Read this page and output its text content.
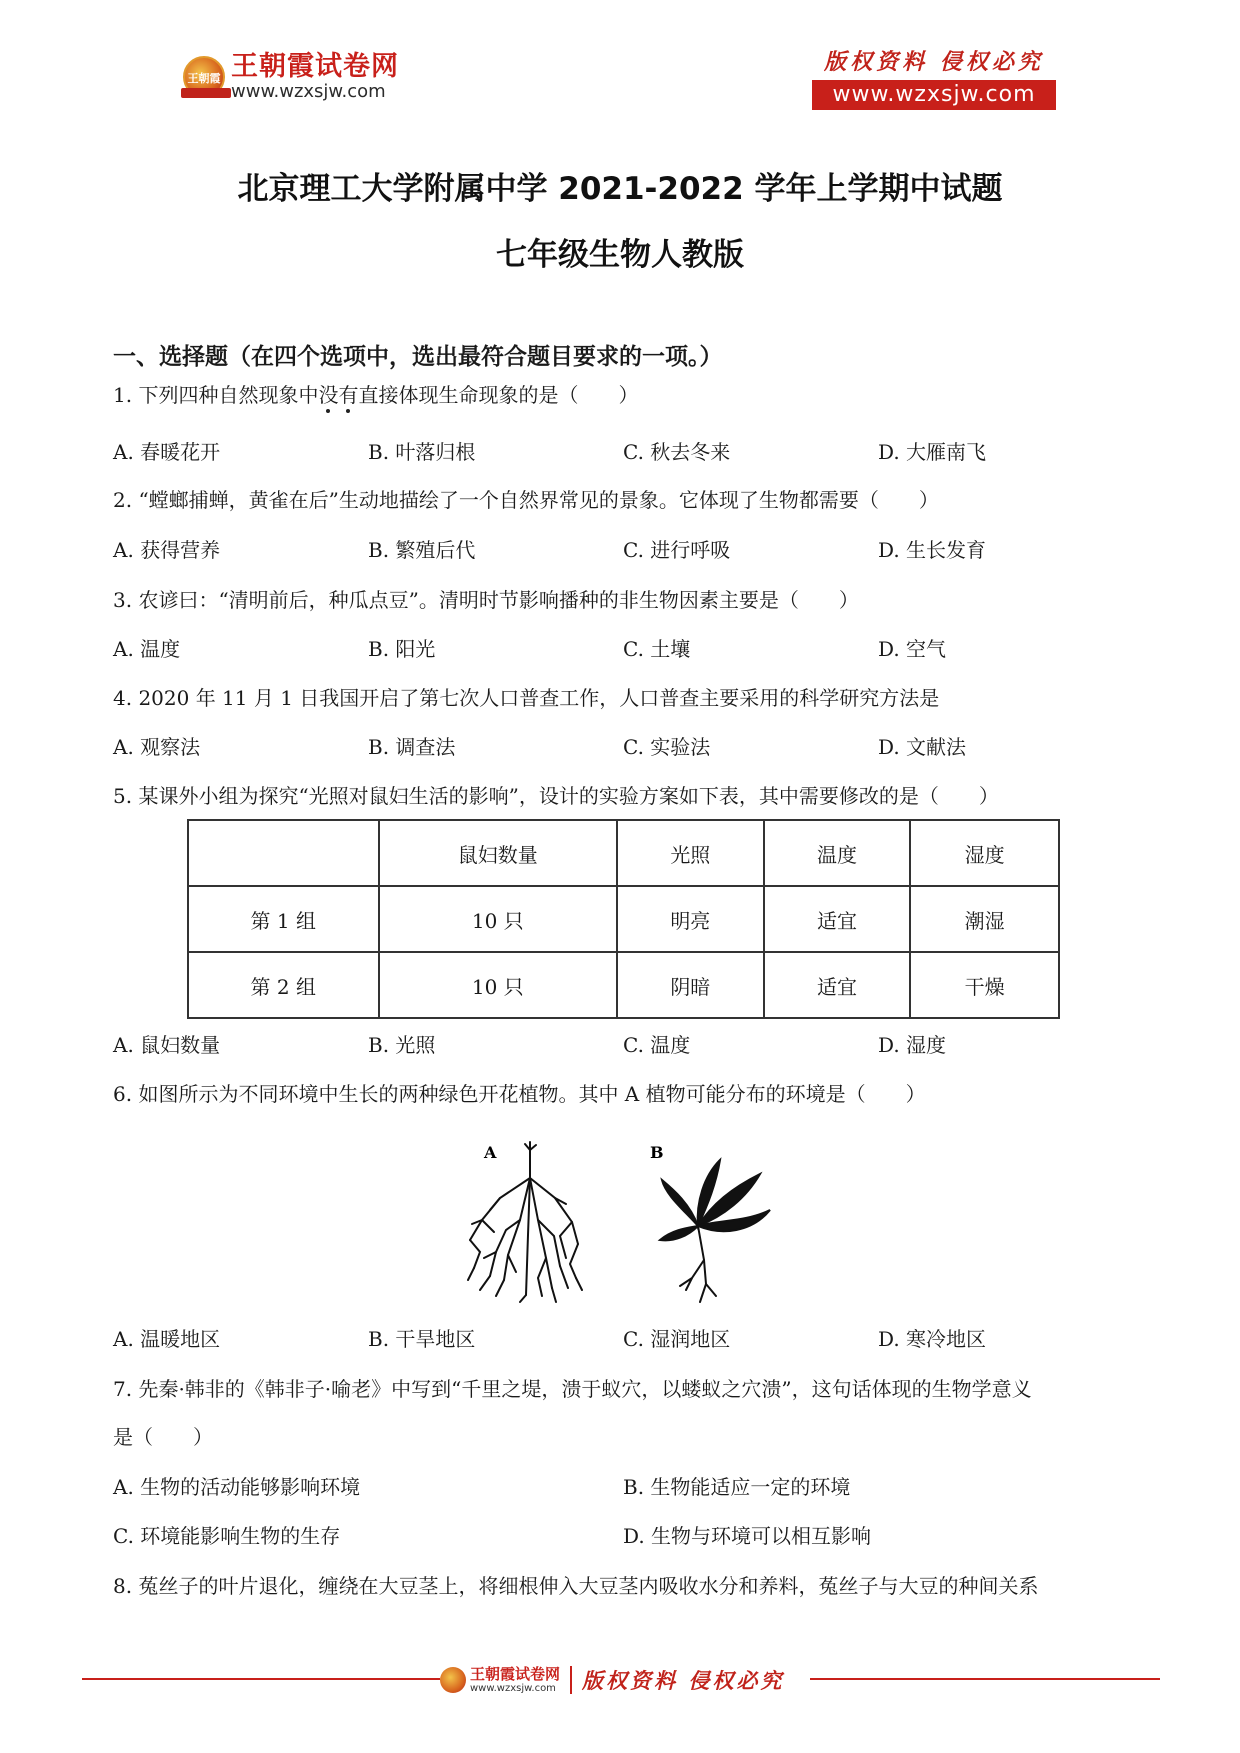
王朝霞 王朝霞试卷网
www.wzxsjw.com
版权资料 侵权必究
www.wzxsjw.com
北京理工大学附属中学 2021-2022 学年上学期中试题
七年级生物人教版
一、选择题（在四个选项中，选出最符合题目要求的一项。）
1. 下列四种自然现象中没有直接体现生命现象的是（　　）
A. 春暖花开	B. 叶落归根	C. 秋去冬来	D. 大雁南飞
2. “螳螂捕蝉，黄雀在后”生动地描绘了一个自然界常见的景象。它体现了生物都需要（　　）
A. 获得营养	B. 繁殖后代	C. 进行呼吸	D. 生长发育
3. 农谚曰：“清明前后，种瓜点豆”。清明时节影响播种的非生物因素主要是（　　）
A. 温度	B. 阳光	C. 土壤	D. 空气
4. 2020 年 11 月 1 日我国开启了第七次人口普查工作，人口普查主要采用的科学研究方法是
A. 观察法	B. 调查法	C. 实验法	D. 文献法
5. 某课外小组为探究“光照对鼠妇生活的影响”，设计的实验方案如下表，其中需要修改的是（　　）
	鼠妇数量	光照	温度	湿度
第 1 组	10 只	明亮	适宜	潮湿
第 2 组	10 只	阴暗	适宜	干燥
A. 鼠妇数量	B. 光照	C. 温度	D. 湿度
6. 如图所示为不同环境中生长的两种绿色开花植物。其中 A 植物可能分布的环境是（　　）
A	B
A. 温暖地区	B. 干旱地区	C. 湿润地区	D. 寒冷地区
7. 先秦·韩非的《韩非子·喻老》中写到“千里之堤，溃于蚁穴，以蝼蚁之穴溃”，这句话体现的生物学意义
是（　　）
A. 生物的活动能够影响环境	B. 生物能适应一定的环境
C. 环境能影响生物的生存	D. 生物与环境可以相互影响
8. 菟丝子的叶片退化，缠绕在大豆茎上，将细根伸入大豆茎内吸收水分和养料，菟丝子与大豆的种间关系
王朝霞试卷网
www.wzxsjw.com 版权资料 侵权必究
